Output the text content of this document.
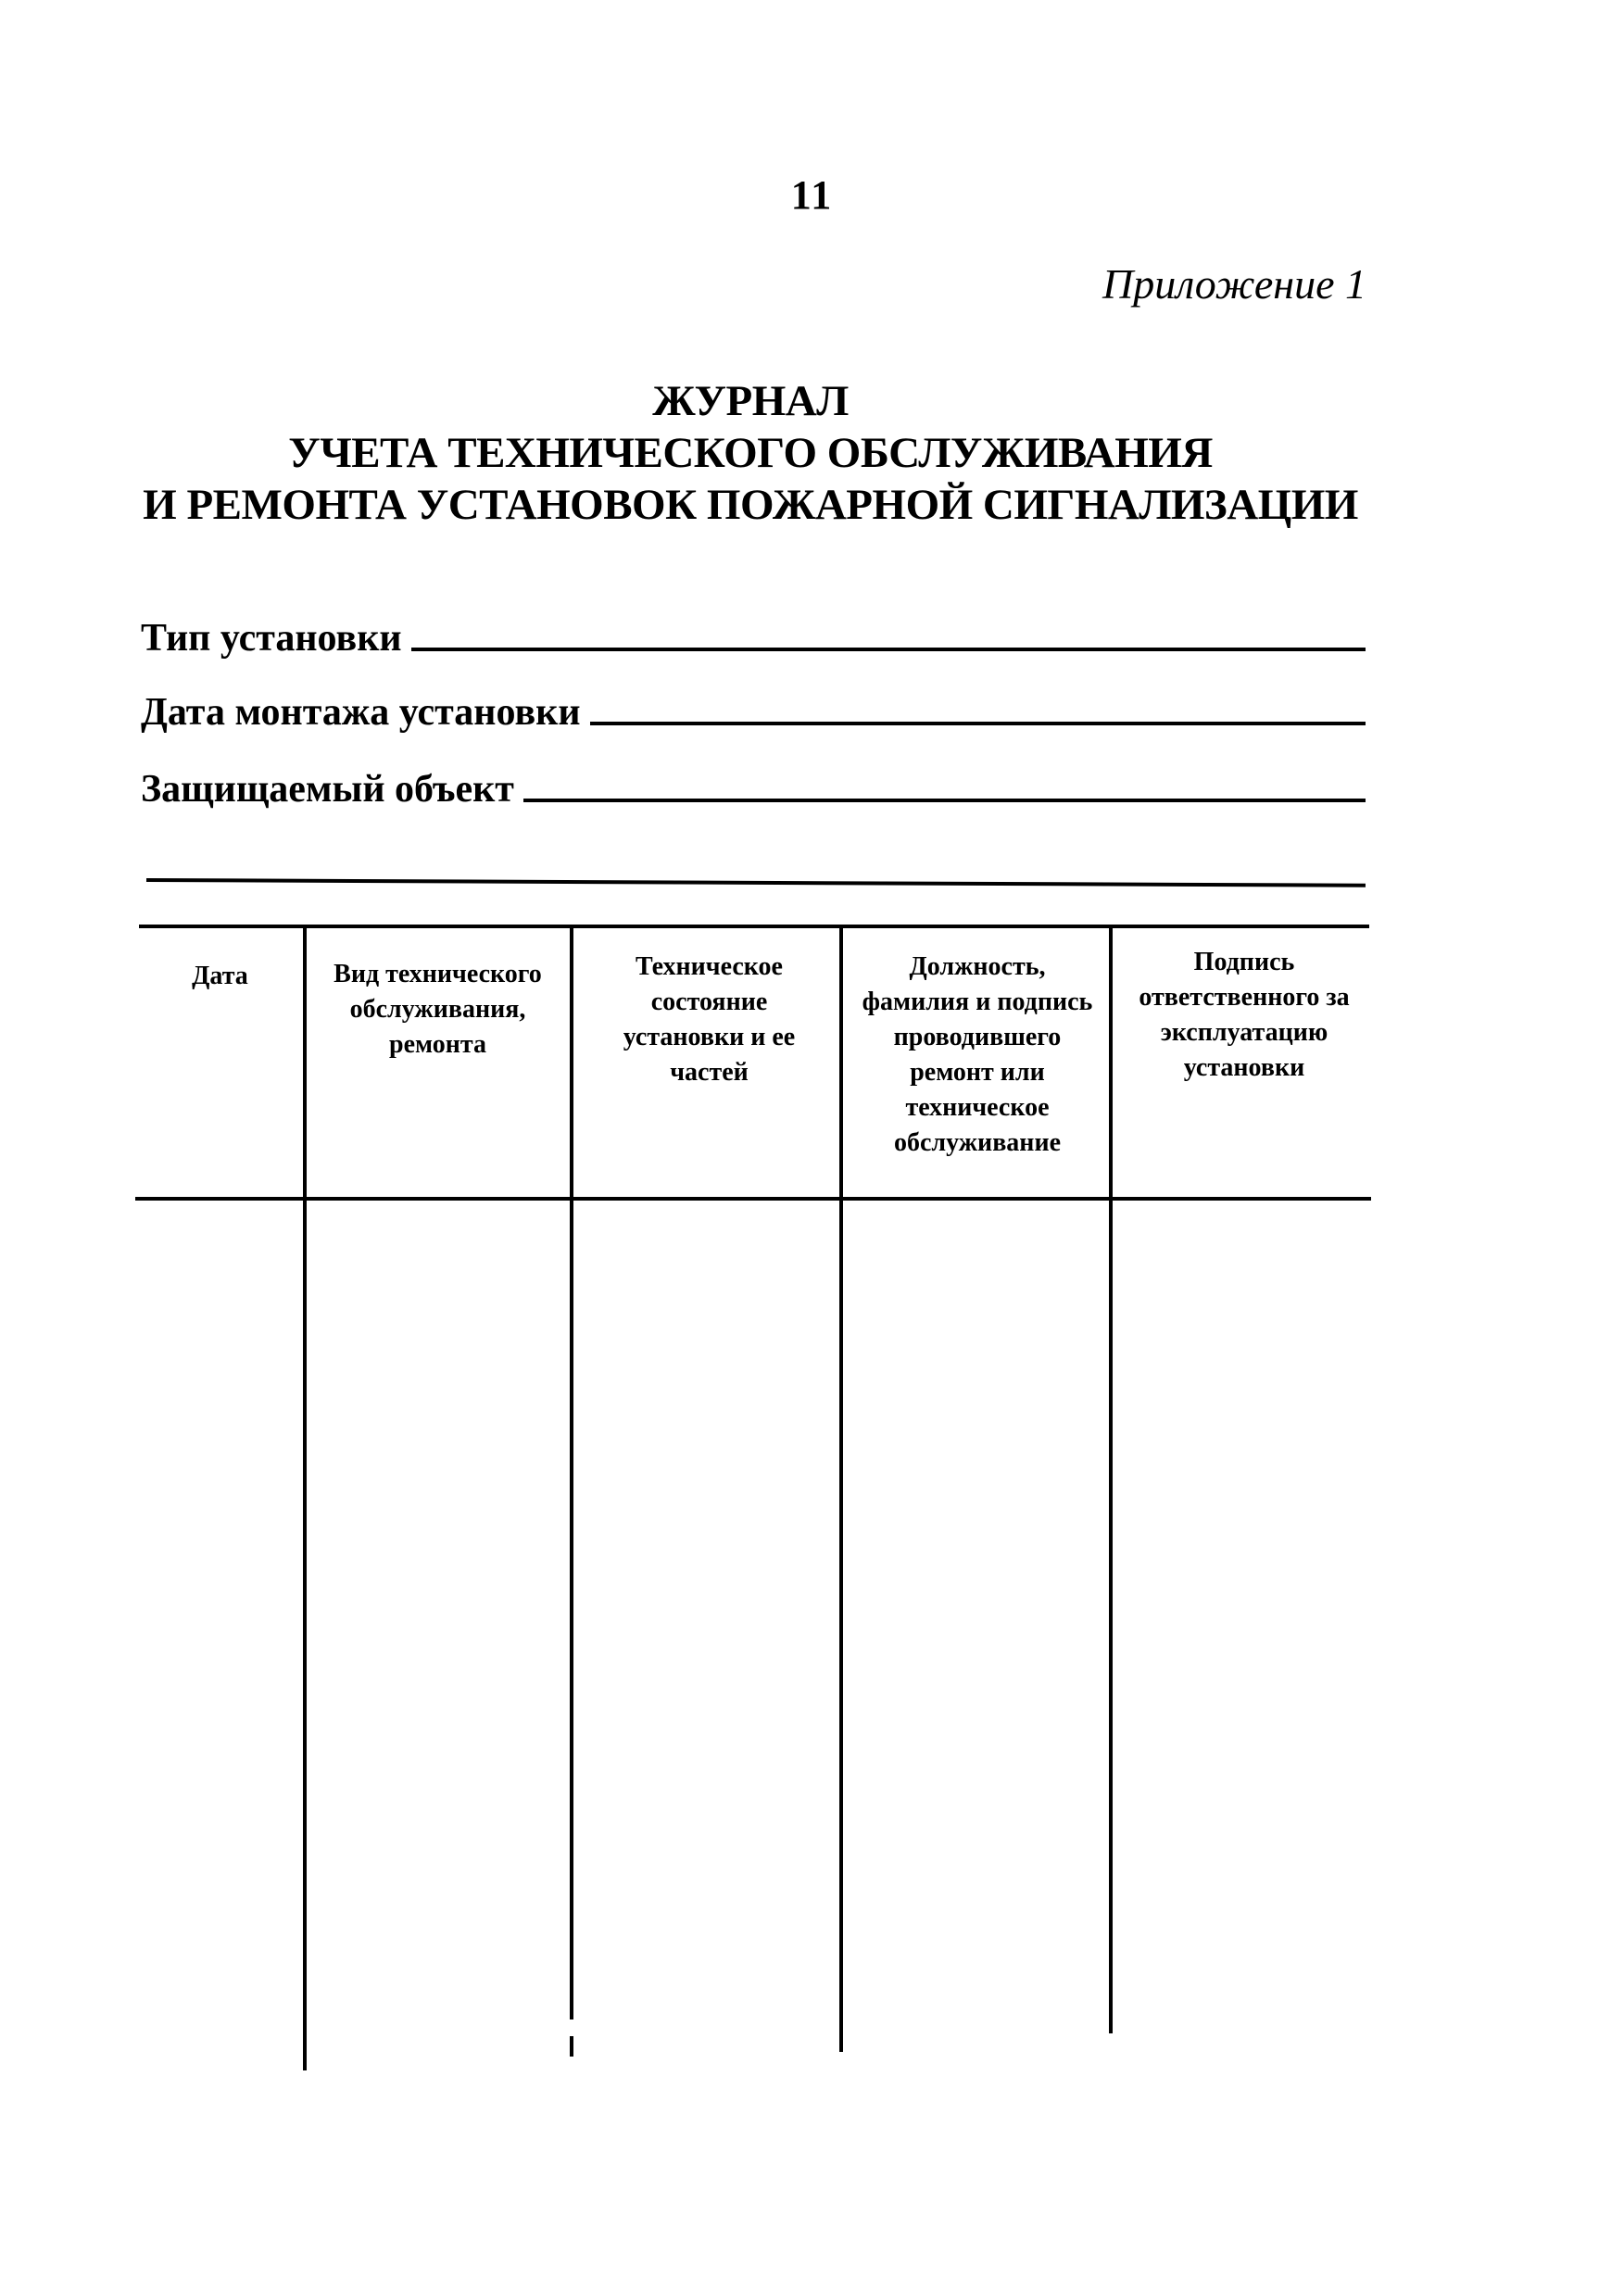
11
Приложение 1
ЖУРНАЛ
УЧЕТА ТЕХНИЧЕСКОГО ОБСЛУЖИВАНИЯ
И РЕМОНТА УСТАНОВОК ПОЖАРНОЙ СИГНАЛИЗАЦИИ
Тип установки
Дата монтажа установки
Защищаемый объект
Дата	Вид технического обслуживания, ремонта
Техническое состояние установки и ее частей
Должность, фамилия и подпись проводившего ремонт или техническое обслуживание
Подпись ответственного за эксплуатацию установки
